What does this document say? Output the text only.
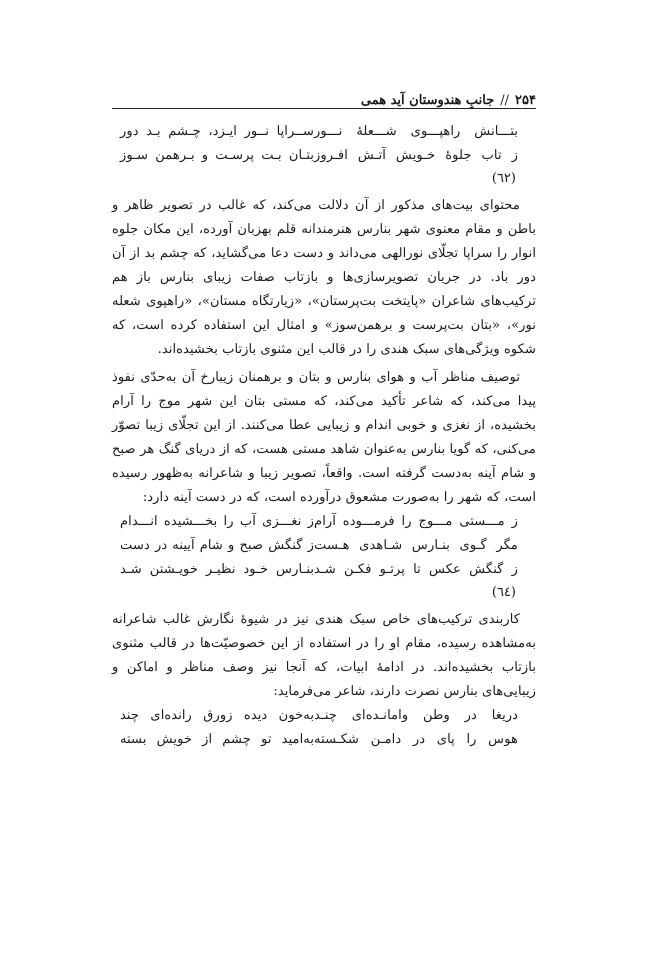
۲۵۴
//
جانبِ هندوستان آید همی
بتـــانش راهپـــوی شـــعلهٔ نـــور
ســراپا نــور ایـزد، چـشم بـد دور
ز تاب جلوهٔ خـویش آتـش افـروز
بتـان بـت پرسـت و بـرهمن سـوز
(٦٢)

محتوای بیت‌های مذکور از آن دلالت می‌کند، که غالب در تصویر ظاهر و باطن و مقام معنوی شهر بنارس هنرمندانه قلم بهزبان آورده، این مکان جلوه انوار را سراپا تجلّای نورالهی می‌داند و دست دعا می‌گشاید، که چشم بد از آن دور باد. در جریان تصویرسازی‌ها و بازتاب صفات زیبای بنارس باز هم ترکیب‌های شاعران «پایتخت بت‌پرستان»، «زیارتگاه مستان»، «راهپوی شعله نور»، «بتان بت‌پرست و برهمن‌سوز» و امثال این استفاده کرده است، که شکوه ویژگی‌های سبک هندی را در قالب این مثنوی بازتاب بخشیده‌اند.

توصیف مناظر آب و هوای بنارس و بتان و برهمنان زیبارخ آن به‌حدّی نفوذ پیدا می‌کند، که شاعر تأکید می‌کند، که مستی بتان این شهر موج را آرام بخشیده، از نغزی و خوبی اندام و زیبایی عطا می‌کنند. از این تجلّای زیبا تصوّر می‌کنی، که گویا بنارس به‌عنوان شاهد مستی هست، که از دریای گنگ هر صبح و شام آینه به‌دست گرفته است. واقعاً، تصویر زیبا و شاعرانه به‌ظهور رسیده است، که شهر را به‌صورت مشعوق درآورده است، که در دست آینه دارد:

ز مـــستی مـــوج را فرمـــوده آرام
ز نغـــزی آب را بخـــشیده انـــدام
مگر گـوی بنـارس شـاهدی هـست
ز گنگش صبح و شام آیینه در دست
ز گنگش عکس تا پرتـو فکـن شـد
بنـارس خـود نظیـر خویـشتن شـد
(٦٤)

کاربندی ترکیب‌های خاص سبک هندی نیز در شیوهٔ نگارش غالب شاعرانه به‌مشاهده رسیده، مقام او را در استفاده از این خصوصیّت‌ها در قالب مثنوی بازتاب بخشیده‌اند. در ادامهٔ ابیات، که آنجا نیز وصف مناظر و اماکن و زیبایی‌های بنارس نصرت دارند، شاعر می‌فرماید:

دریغا در وطن وامانـده‌ای چنـد
به‌خون دیده زورق رانده‌ای چند
هوس را پای در دامـن شکـسته
به‌امید تو چشم از خویش بسته
